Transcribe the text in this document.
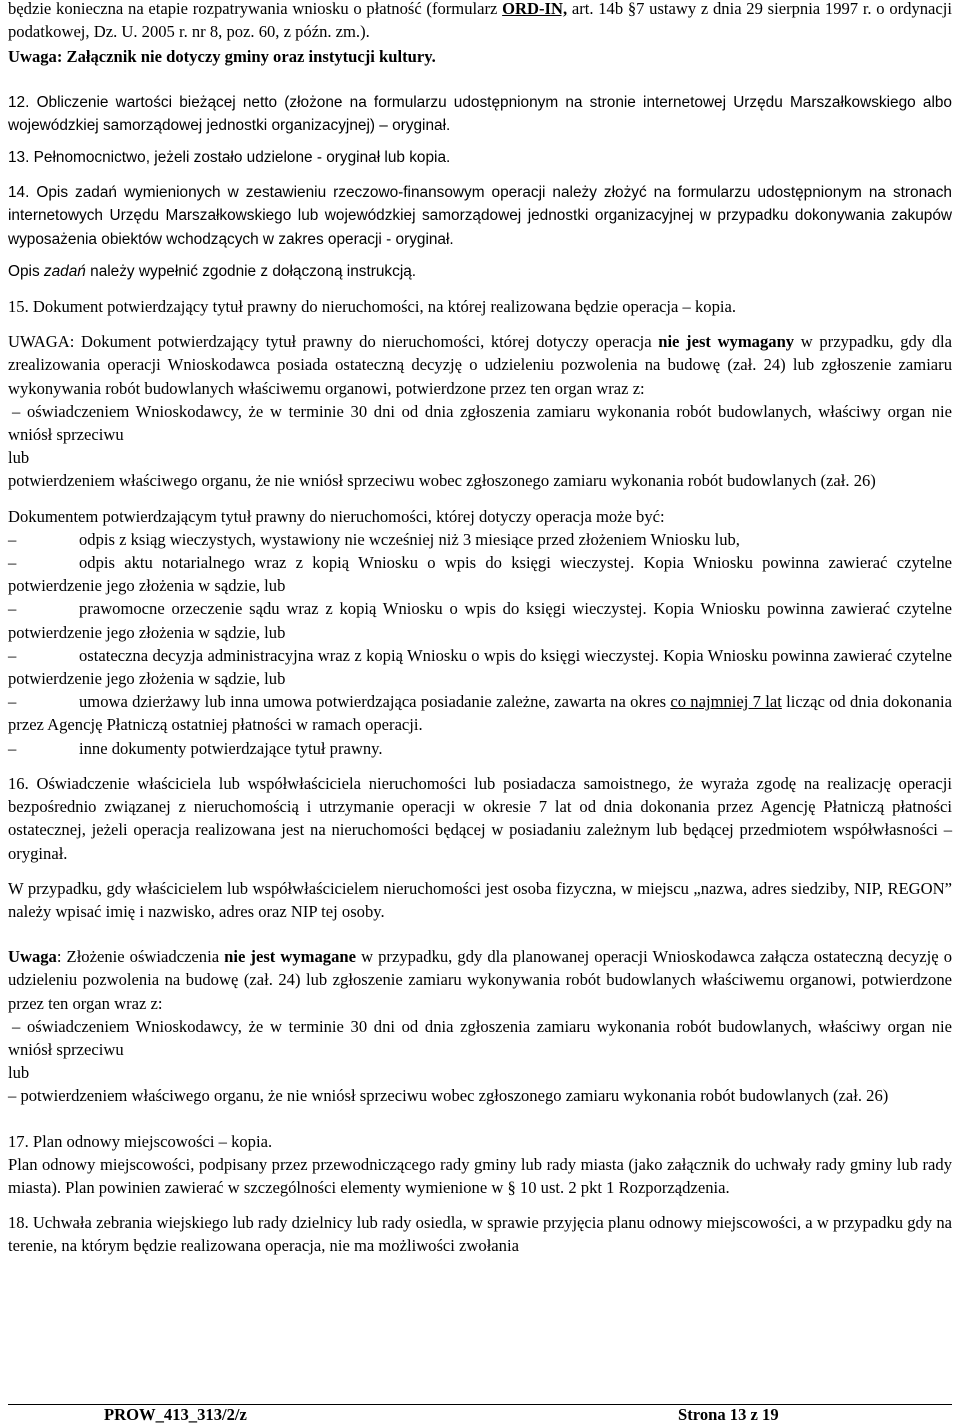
będzie konieczna na etapie rozpatrywania wniosku o płatność (formularz ORD-IN, art. 14b §7 ustawy z dnia 29 sierpnia 1997 r. o ordynacji podatkowej, Dz. U. 2005 r. nr 8, poz. 60, z późn. zm.).

Uwaga: Załącznik nie dotyczy gminy oraz instytucji kultury.

12. Obliczenie wartości bieżącej netto (złożone na formularzu udostępnionym na stronie internetowej Urzędu Marszałkowskiego albo wojewódzkiej samorządowej jednostki organizacyjnej) – oryginał.

13. Pełnomocnictwo, jeżeli zostało udzielone - oryginał lub kopia.

14. Opis zadań wymienionych w zestawieniu rzeczowo-finansowym operacji należy złożyć na formularzu udostępnionym na stronach internetowych Urzędu Marszałkowskiego lub wojewódzkiej samorządowej jednostki organizacyjnej w przypadku dokonywania zakupów wyposażenia obiektów wchodzących w zakres operacji - oryginał.

Opis zadań należy wypełnić zgodnie z dołączoną instrukcją.

15. Dokument potwierdzający tytuł prawny do nieruchomości, na której realizowana będzie operacja – kopia.

UWAGA: Dokument potwierdzający tytuł prawny do nieruchomości, której dotyczy operacja nie jest wymagany w przypadku, gdy dla zrealizowania operacji Wnioskodawca posiada ostateczną decyzję o udzieleniu pozwolenia na budowę (zał. 24) lub zgłoszenie zamiaru wykonywania robót budowlanych właściwemu organowi, potwierdzone przez ten organ wraz z:

– oświadczeniem Wnioskodawcy, że w terminie 30 dni od dnia zgłoszenia zamiaru wykonania robót budowlanych, właściwy organ nie wniósł sprzeciwu

lub

potwierdzeniem właściwego organu, że nie wniósł sprzeciwu wobec zgłoszonego zamiaru wykonania robót budowlanych (zał. 26)

Dokumentem potwierdzającym tytuł prawny do nieruchomości, której dotyczy operacja może być:

–	odpis z ksiąg wieczystych, wystawiony nie wcześniej niż 3 miesiące przed złożeniem Wniosku lub,

–	odpis aktu notarialnego wraz z kopią Wniosku o wpis do księgi wieczystej. Kopia Wniosku powinna zawierać czytelne potwierdzenie jego złożenia w sądzie, lub

–	prawomocne orzeczenie sądu wraz z kopią Wniosku o wpis do księgi wieczystej. Kopia Wniosku powinna zawierać czytelne potwierdzenie jego złożenia w sądzie, lub

–	ostateczna decyzja administracyjna wraz z kopią Wniosku o wpis do księgi wieczystej. Kopia Wniosku powinna zawierać czytelne potwierdzenie jego złożenia w sądzie, lub

–	umowa dzierżawy lub inna umowa potwierdzająca posiadanie zależne, zawarta na okres co najmniej 7 lat licząc od dnia dokonania przez Agencję Płatniczą ostatniej płatności w ramach operacji.

–	inne dokumenty potwierdzające tytuł prawny.

16. Oświadczenie właściciela lub współwłaściciela nieruchomości lub posiadacza samoistnego, że wyraża zgodę na realizację operacji bezpośrednio związanej z nieruchomością i utrzymanie operacji w okresie 7 lat od dnia dokonania przez Agencję Płatniczą płatności ostatecznej, jeżeli operacja realizowana jest na nieruchomości będącej w posiadaniu zależnym lub będącej przedmiotem współwłasności – oryginał.

W przypadku, gdy właścicielem lub współwłaścicielem nieruchomości jest osoba fizyczna, w miejscu „nazwa, adres siedziby, NIP, REGON” należy wpisać imię i nazwisko, adres oraz NIP tej osoby.

Uwaga: Złożenie oświadczenia nie jest wymagane w przypadku, gdy dla planowanej operacji Wnioskodawca załącza ostateczną decyzję o udzieleniu pozwolenia na budowę (zał. 24) lub zgłoszenie zamiaru wykonywania robót budowlanych właściwemu organowi, potwierdzone przez ten organ wraz z:

– oświadczeniem Wnioskodawcy, że w terminie 30 dni od dnia zgłoszenia zamiaru wykonania robót budowlanych, właściwy organ nie wniósł sprzeciwu

lub

– potwierdzeniem właściwego organu, że nie wniósł sprzeciwu wobec zgłoszonego zamiaru wykonania robót budowlanych (zał. 26)

17. Plan odnowy miejscowości – kopia.

Plan odnowy miejscowości, podpisany przez przewodniczącego rady gminy lub rady miasta (jako załącznik do uchwały rady gminy lub rady miasta). Plan powinien zawierać w szczególności elementy wymienione w § 10 ust. 2 pkt 1 Rozporządzenia.

18. Uchwała zebrania wiejskiego lub rady dzielnicy lub rady osiedla, w sprawie przyjęcia planu odnowy miejscowości, a w przypadku gdy na terenie, na którym będzie realizowana operacja, nie ma możliwości zwołania

PROW_413_313/2/z	Strona 13 z 19
